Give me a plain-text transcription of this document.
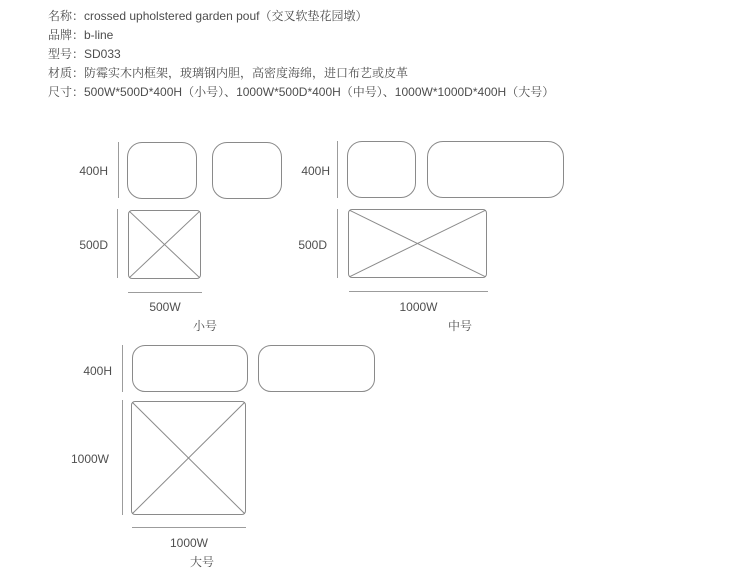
名称：crossed upholstered garden pouf（交叉软垫花园墩）
品牌：b-line
型号：SD033
材质：防霉实木内框架，玻璃钢内胆，高密度海绵，进口布艺或皮革
尺寸：500W*500D*400H（小号）、1000W*500D*400H（中号）、1000W*1000D*400H（大号）
400H
500D
500W
小号
400H
500D
1000W
中号
400H
1000W
1000W
大号
